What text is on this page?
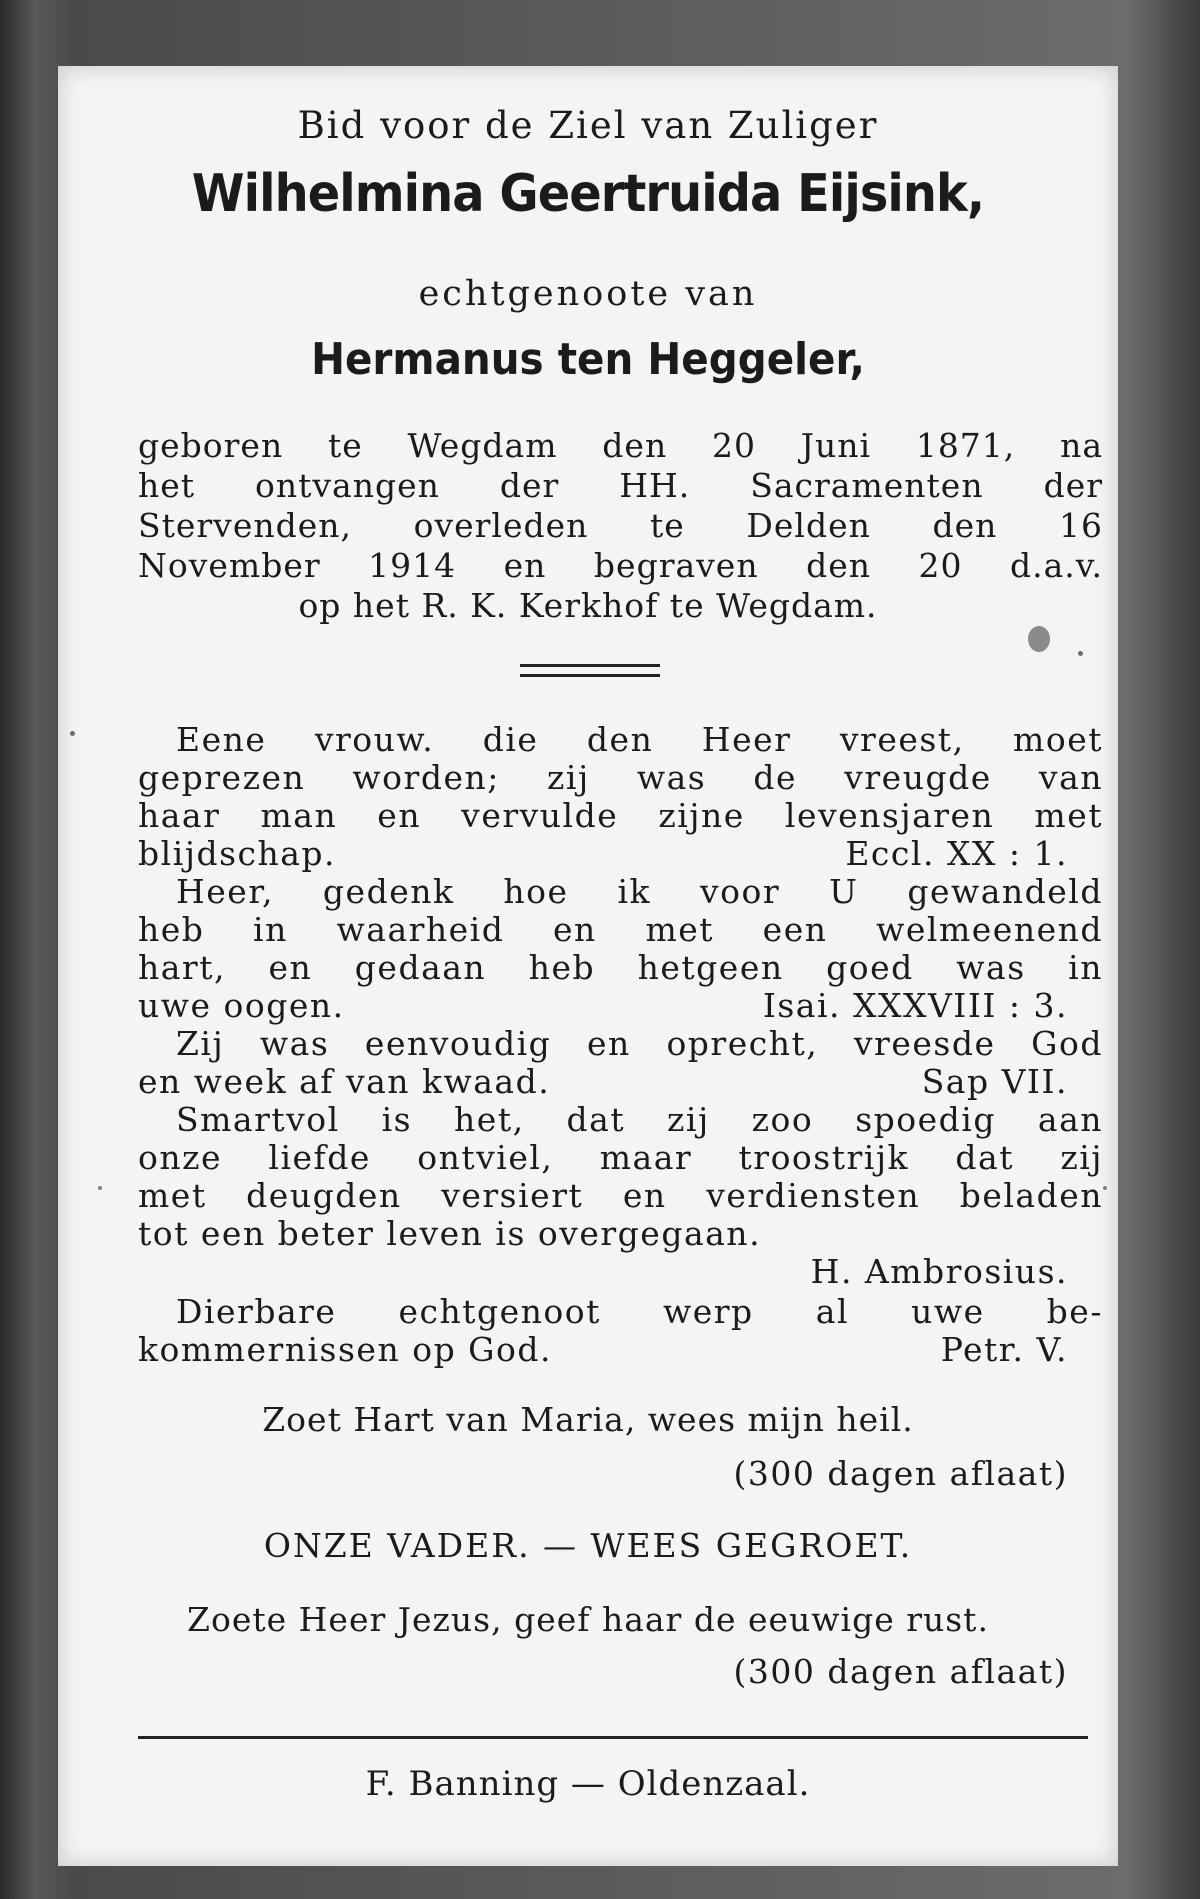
Bid voor de Ziel van Zuliger
Wilhelmina Geertruida Eijsink,
echtgenoote van
Hermanus ten Heggeler,
geboren te Wegdam den 20 Juni 1871, na
het ontvangen der HH. Sacramenten der
Stervenden, overleden te Delden den 16
November 1914 en begraven den 20 d.a.v.
op het R. K. Kerkhof te Wegdam.
Eene vrouw. die den Heer vreest, moet
geprezen worden; zij was de vreugde van
haar man en vervulde zijne levensjaren met
blijdschap.	Eccl. XX : 1.
Heer, gedenk hoe ik voor U gewandeld
heb in waarheid en met een welmeenend
hart, en gedaan heb hetgeen goed was in
uwe oogen.	Isai. XXXVIII : 3.
Zij was eenvoudig en oprecht, vreesde God
en week af van kwaad.	Sap VII.
Smartvol is het, dat zij zoo spoedig aan
onze liefde ontviel, maar troostrijk dat zij
met deugden versiert en verdiensten beladen
tot een beter leven is overgegaan.
H. Ambrosius.
Dierbare echtgenoot werp al uwe be-
kommernissen op God.	Petr. V.
Zoet Hart van Maria, wees mijn heil.
(300 dagen aflaat)
ONZE VADER. — WEES GEGROET.
Zoete Heer Jezus, geef haar de eeuwige rust.
(300 dagen aflaat)
F. Banning — Oldenzaal.
